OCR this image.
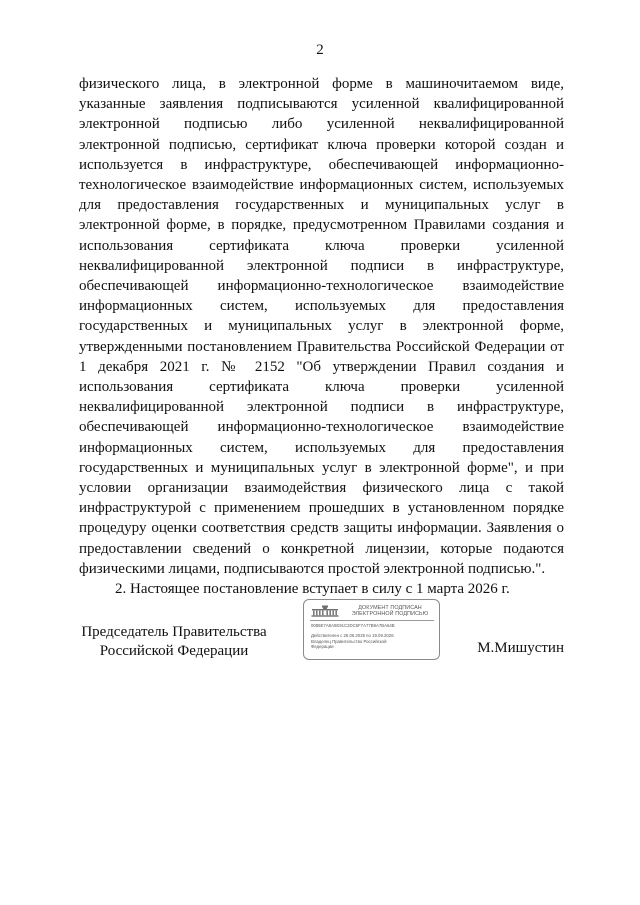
2

физического лица, в электронной форме в машиночитаемом виде, указанные заявления подписываются усиленной квалифицированной электронной подписью либо усиленной неквалифицированной электронной подписью, сертификат ключа проверки которой создан и используется в инфраструктуре, обеспечивающей информационно-технологическое взаимодействие информационных систем, используемых для предоставления государственных и муниципальных услуг в электронной форме, в порядке, предусмотренном Правилами создания и использования сертификата ключа проверки усиленной неквалифицированной электронной подписи в инфраструктуре, обеспечивающей информационно-технологическое взаимодействие информационных систем, используемых для предоставления государственных и муниципальных услуг в электронной форме, утвержденными постановлением Правительства Российской Федерации от 1 декабря 2021 г. № 2152 "Об утверждении Правил создания и использования сертификата ключа проверки усиленной неквалифицированной электронной подписи в инфраструктуре, обеспечивающей информационно-технологическое взаимодействие информационных систем, используемых для предоставления государственных и муниципальных услуг в электронной форме", и при условии организации взаимодействия физического лица с такой инфраструктурой с применением прошедших в установленном порядке процедуру оценки соответствия средств защиты информации. Заявления о предоставлении сведений о конкретной лицензии, которые подаются физическими лицами, подписываются простой электронной подписью.".

2. Настоящее постановление вступает в силу с 1 марта 2026 г.

Председатель Правительства
Российской Федерации
ДОКУМЕНТ ПОДПИСАН
ЭЛЕКТРОННОЙ ПОДПИСЬЮ
0085E7A8A0E91C2DC6F7A77B9A7BA64B
Действителен с 26.06.2025 по 19.09.2026
Владелец Правительство Российской
Федерации	М.Мишустин
